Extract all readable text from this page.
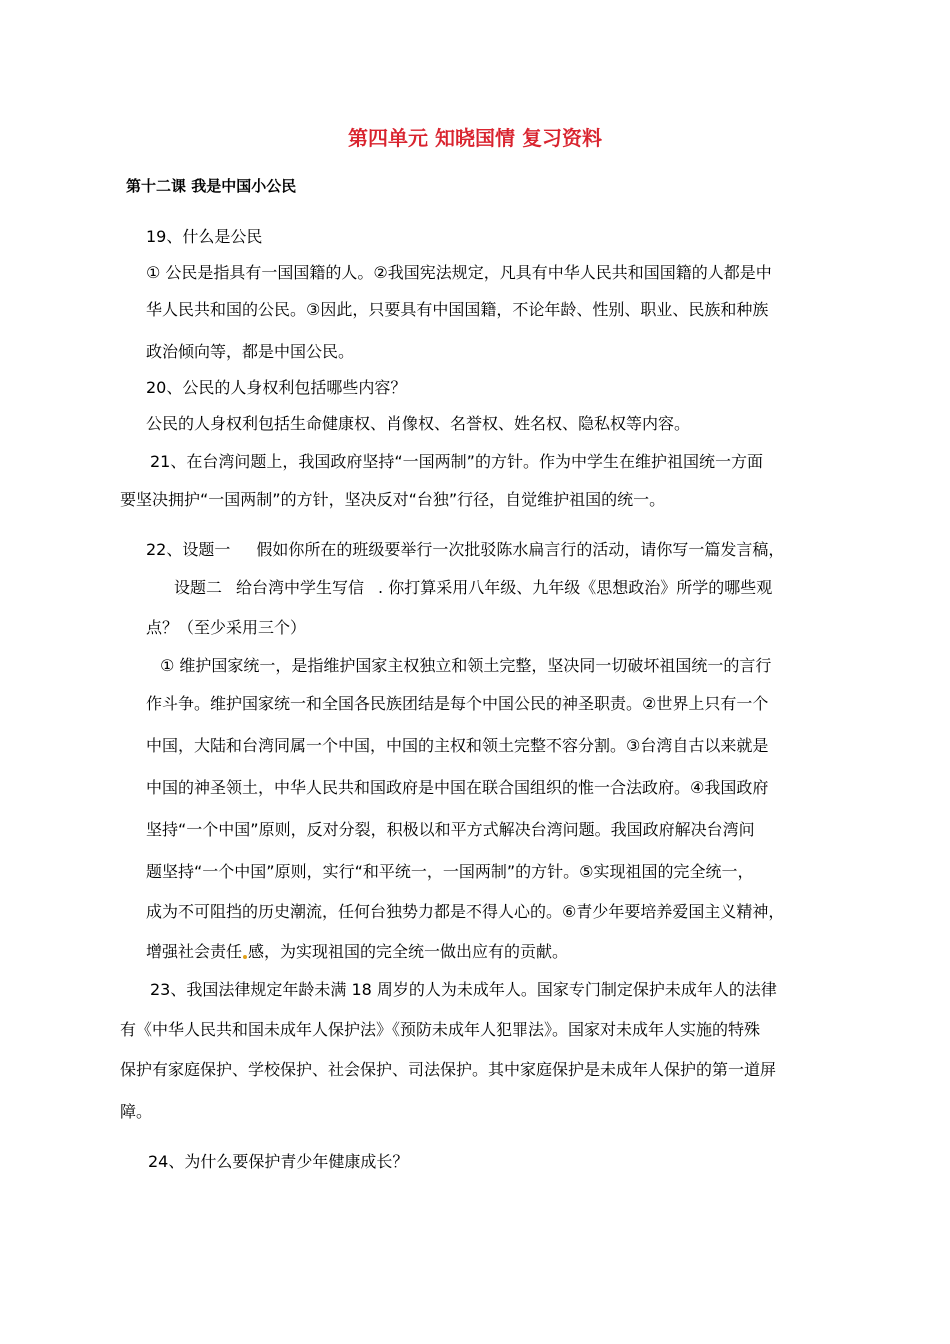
第四单元 知晓国情 复习资料
第十二课 我是中国小公民
19、什么是公民
① 公民是指具有一国国籍的人。②我国宪法规定，凡具有中华人民共和国国籍的人都是中
华人民共和国的公民。③因此，只要具有中国国籍，不论年龄、性别、职业、民族和种族
政治倾向等，都是中国公民。
20、公民的人身权利包括哪些内容？
公民的人身权利包括生命健康权、肖像权、名誉权、姓名权、隐私权等内容。
21、在台湾问题上，我国政府坚持“一国两制”的方针。作为中学生在维护祖国统一方面
要坚决拥护“一国两制”的方针，坚决反对“台独”行径，自觉维护祖国的统一。
22、设题一 假如你所在的班级要举行一次批驳陈水扁言行的活动，请你写一篇发言稿，
设题二 给台湾中学生写信 . 你打算采用八年级、九年级《思想政治》所学的哪些观
点？（至少采用三个）
① 维护国家统一，是指维护国家主权独立和领土完整，坚决同一切破坏祖国统一的言行
作斗争。维护国家统一和全国各民族团结是每个中国公民的神圣职责。②世界上只有一个
中国，大陆和台湾同属一个中国，中国的主权和领土完整不容分割。③台湾自古以来就是
中国的神圣领土，中华人民共和国政府是中国在联合国组织的惟一合法政府。④我国政府
坚持“一个中国”原则，反对分裂，积极以和平方式解决台湾问题。我国政府解决台湾问
题坚持“一个中国”原则，实行“和平统一，一国两制”的方针。⑤实现祖国的完全统一，
成为不可阻挡的历史潮流，任何台独势力都是不得人心的。⑥青少年要培养爱国主义精神，
增强社会责任 感，为实现祖国的完全统一做出应有的贡献。
23、我国法律规定年龄未满 18 周岁的人为未成年人。国家专门制定保护未成年人的法律
有《中华人民共和国未成年人保护法》《预防未成年人犯罪法》。国家对未成年人实施的特殊
保护有家庭保护、学校保护、社会保护、司法保护。其中家庭保护是未成年人保护的第一道屏
障。
24、为什么要保护青少年健康成长？
